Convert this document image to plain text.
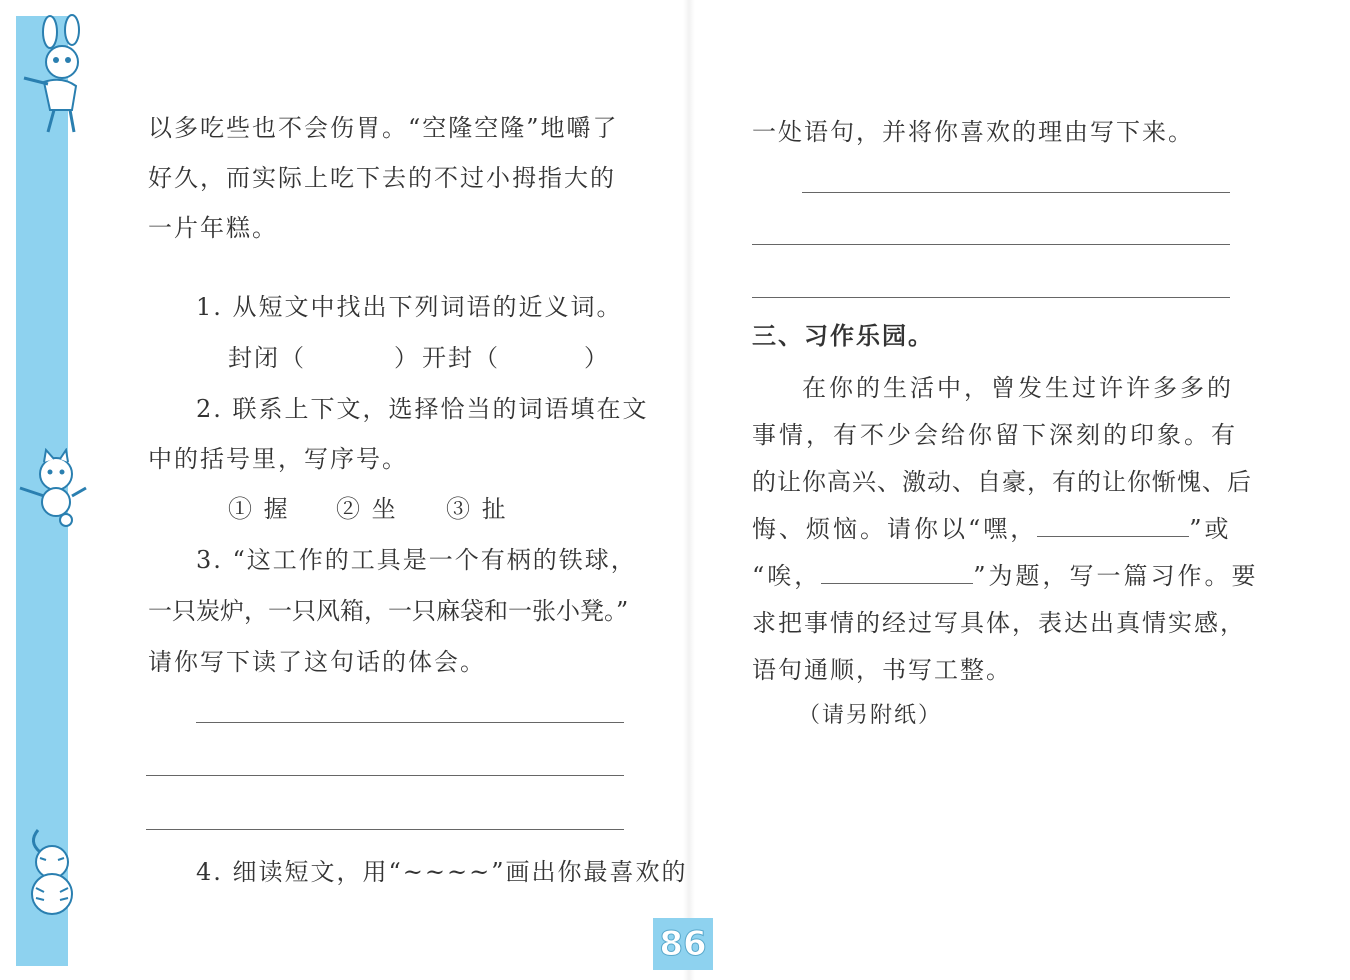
以多吃些也不会伤胃。“空隆空隆”地嚼了
好久，而实际上吃下去的不过小拇指大的
一片年糕。
1. 从短文中找出下列词语的近义词。
封闭（	） 开封（	）
2. 联系上下文，选择恰当的词语填在文
中的括号里，写序号。
① 握 ② 坐 ③ 扯
3. “这工作的工具是一个有柄的铁球，
一只炭炉，一只风箱，一只麻袋和一张小凳。”
请你写下读了这句话的体会。
4. 细读短文，用“~~~~”画出你最喜欢的
一处语句，并将你喜欢的理由写下来。
三、习作乐园。
在你的生活中，曾发生过许许多多的
事情，有不少会给你留下深刻的印象。有
的让你高兴、激动、自豪，有的让你惭愧、后
悔、烦恼。请你以“嘿，	”或
“唉，	”为题，写一篇习作。要
求把事情的经过写具体，表达出真情实感，
语句通顺，书写工整。
（请另附纸）
86
